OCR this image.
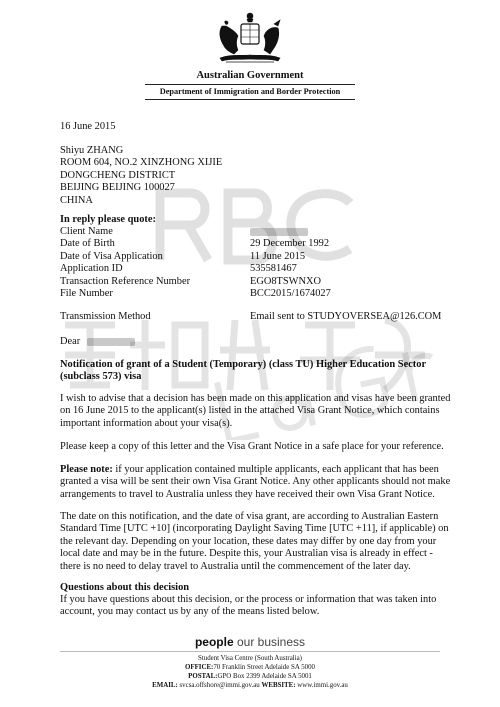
Australian Government
Department of Immigration and Border Protection
16 June 2015
Shiyu ZHANG
ROOM 604, NO.2 XINZHONG XIJIE
DONGCHENG DISTRICT
BEIJING BEIJING 100027
CHINA
In reply please quote:
Client Name
Date of Birth	29 December 1992
Date of Visa Application	11 June 2015
Application ID	535581467
Transaction Reference Number	EGO8TSWNXO
File Number	BCC2015/1674027
Transmission Method	Email sent to STUDYOVERSEA@126.COM
Dear
Notification of grant of a Student (Temporary) (class TU) Higher Education Sector
(subclass 573) visa
I wish to advise that a decision has been made on this application and visas have been granted
on 16 June 2015 to the applicant(s) listed in the attached Visa Grant Notice, which contains
important information about your visa(s).
Please keep a copy of this letter and the Visa Grant Notice in a safe place for your reference.
Please note: if your application contained multiple applicants, each applicant that has been
granted a visa will be sent their own Visa Grant Notice. Any other applicants should not make
arrangements to travel to Australia unless they have received their own Visa Grant Notice.
The date on this notification, and the date of visa grant, are according to Australian Eastern
Standard Time [UTC +10] (incorporating Daylight Saving Time [UTC +11], if applicable) on
the relevant day. Depending on your location, these dates may differ by one day from your
local date and may be in the future. Despite this, your Australian visa is already in effect -
there is no need to delay travel to Australia until the commencement of the later day.
Questions about this decision
If you have questions about this decision, or the process or information that was taken into
account, you may contact us by any of the means listed below.
people our business
Student Visa Centre (South Australia)
OFFICE:70 Franklin Street Adelaide SA 5000
POSTAL:GPO Box 2399 Adelaide SA 5001
EMAIL: svcsa.offshore@immi.gov.au WEBSITE: www.immi.gov.au
